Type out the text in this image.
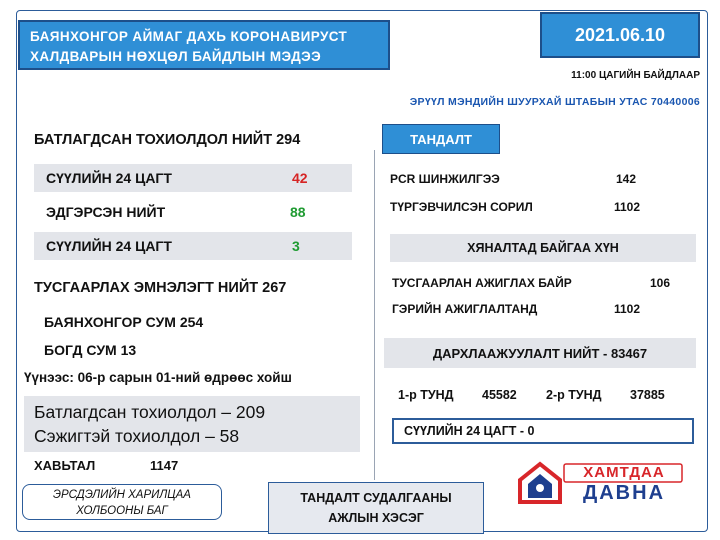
БАЯНХОНГОР АЙМАГ ДАХЬ КОРОНАВИРУСТ
ХАЛДВАРЫН НӨХЦӨЛ БАЙДЛЫН МЭДЭЭ
2021.06.10
11:00 ЦАГИЙН БАЙДЛААР
ЭРҮҮЛ МЭНДИЙН ШУУРХАЙ ШТАБЫН УТАС 70440006
БАТЛАГДСАН ТОХИОЛДОЛ НИЙТ 294
СҮҮЛИЙН 24 ЦАГТ	42
ЭДГЭРСЭН НИЙТ	88
СҮҮЛИЙН 24 ЦАГТ	3
ТУСГААРЛАХ ЭМНЭЛЭГТ НИЙТ 267
БАЯНХОНГОР СУМ 254
БОГД СУМ 13
Үүнээс: 06-р сарын 01-ний өдрөөс хойш
Батлагдсан тохиолдол – 209
Сэжигтэй тохиолдол – 58
ХАВЬТАЛ	1147
ТАНДАЛТ
PCR ШИНЖИЛГЭЭ	142
ТҮРГЭВЧИЛСЭН СОРИЛ	1102
ХЯНАЛТАД БАЙГАА ХҮН
ТУСГААРЛАН АЖИГЛАХ БАЙР	106
ГЭРИЙН АЖИГЛАЛТАНД	1102
ДАРХЛААЖУУЛАЛТ НИЙТ - 83467
1-р ТУНД 45582 2-р ТУНД 37885
СҮҮЛИЙН 24 ЦАГТ - 0
ЭРСДЭЛИЙН ХАРИЛЦАА
ХОЛБООНЫ БАГ
ТАНДАЛТ СУДАЛГААНЫ
АЖЛЫН ХЭСЭГ
ХАМТДАА
ДАВНА
